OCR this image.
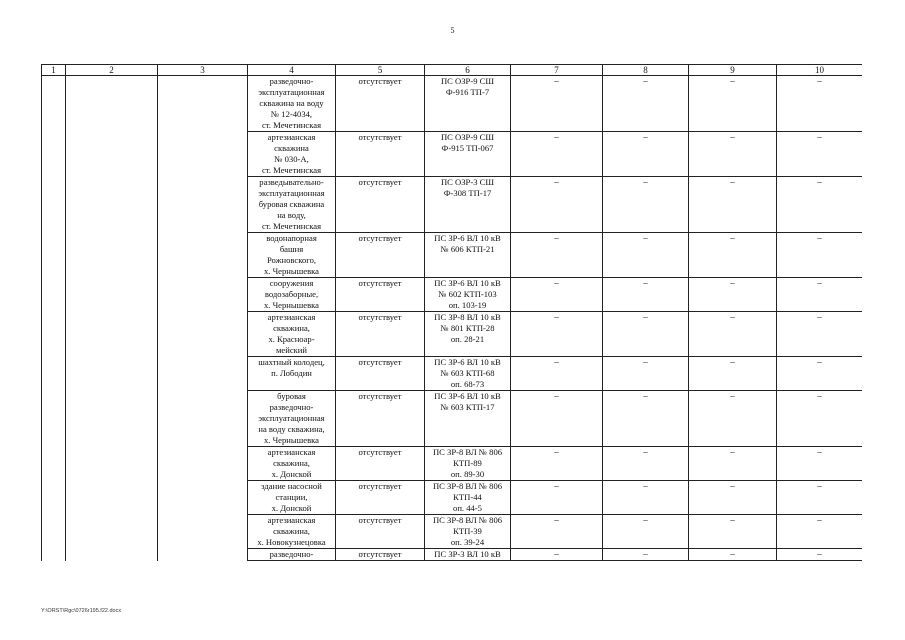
5
1	2	3	4	5	6	7	8	9	10
			разведочно-
эксплуатационная
скважина на воду
№ 12-4034,
ст. Мечетинская	отсутствует	ПС ОЗР-9 СШ
Ф-916 ТП-7	–	–	–	–
			артезианская
скважина
№ 030-А,
ст. Мечетинская	отсутствует	ПС ОЗР-9 СШ
Ф-915 ТП-067	–	–	–	–
			разведывательно-
эксплуатационная
буровая скважина
на воду,
ст. Мечетинская	отсутствует	ПС ОЗР-3 СШ
Ф-308 ТП-17	–	–	–	–
			водонапорная
башня
Рожновского,
х. Чернышевка	отсутствует	ПС ЗР-6 ВЛ 10 кВ
№ 606 КТП-21	–	–	–	–
			сооружения
водозаборные,
х. Чернышевка	отсутствует	ПС ЗР-6 ВЛ 10 кВ
№ 602 КТП-103
оп. 103-19	–	–	–	–
			артезианская
скважина,
х. Красноар-
мейский	отсутствует	ПС ЗР-8 ВЛ 10 кВ
№ 801 КТП-28
оп. 28-21	–	–	–	–
			шахтный колодец,
п. Лободин	отсутствует	ПС ЗР-6 ВЛ 10 кВ
№ 603 КТП-68
оп. 68-73	–	–	–	–
			буровая
разведочно-
эксплуатационная
на воду скважина,
х. Чернышевка	отсутствует	ПС ЗР-6 ВЛ 10 кВ
№ 603 КТП-17	–	–	–	–
			артезианская
скважина,
х. Донской	отсутствует	ПС ЗР-8 ВЛ № 806
КТП-89
оп. 89-30	–	–	–	–
			здание насосной
станции,
х. Донской	отсутствует	ПС ЗР-8 ВЛ № 806
КТП-44
оп. 44-5	–	–	–	–
			артезианская
скважина,
х. Новокузнецовка	отсутствует	ПС ЗР-8 ВЛ № 806
КТП-39
оп. 39-24	–	–	–	–
			разведочно-	отсутствует	ПС ЗР-3 ВЛ 10 кВ	–	–	–	–
Y:\ORST\Rgc\0726r195.f22.docx
